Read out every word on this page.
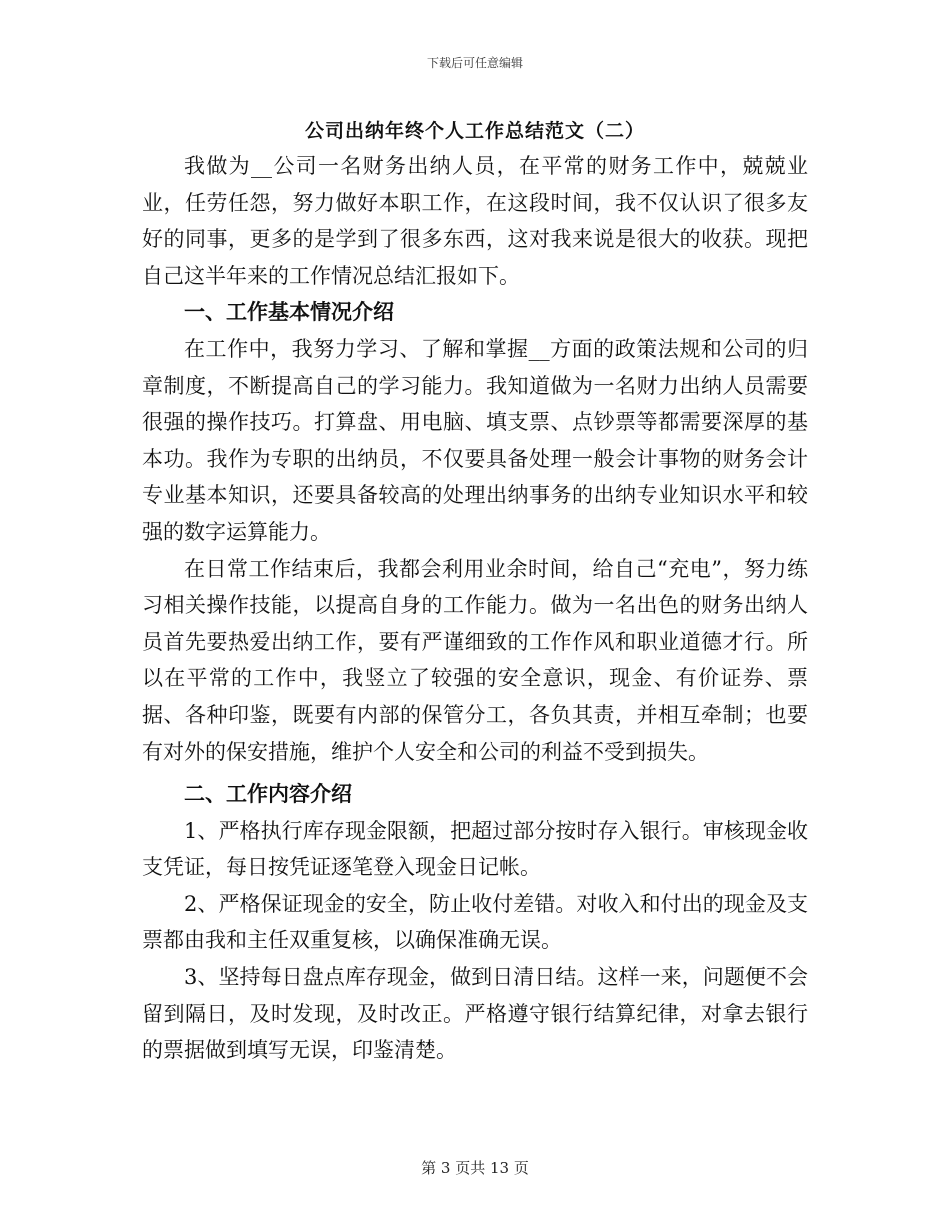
下载后可任意编辑
公司出纳年终个人工作总结范文（二）

我做为__公司一名财务出纳人员，在平常的财务工作中，兢兢业业，任劳任怨，努力做好本职工作，在这段时间，我不仅认识了很多友好的同事，更多的是学到了很多东西，这对我来说是很大的收获。现把自己这半年来的工作情况总结汇报如下。

一、工作基本情况介绍

在工作中，我努力学习、了解和掌握__方面的政策法规和公司的归章制度，不断提高自己的学习能力。我知道做为一名财力出纳人员需要很强的操作技巧。打算盘、用电脑、填支票、点钞票等都需要深厚的基本功。我作为专职的出纳员，不仅要具备处理一般会计事物的财务会计专业基本知识，还要具备较高的处理出纳事务的出纳专业知识水平和较强的数字运算能力。

在日常工作结束后，我都会利用业余时间，给自己“充电”，努力练习相关操作技能，以提高自身的工作能力。做为一名出色的财务出纳人员首先要热爱出纳工作，要有严谨细致的工作作风和职业道德才行。所以在平常的工作中，我竖立了较强的安全意识，现金、有价证券、票据、各种印鉴，既要有内部的保管分工，各负其责，并相互牵制；也要有对外的保安措施，维护个人安全和公司的利益不受到损失。

二、工作内容介绍

1、严格执行库存现金限额，把超过部分按时存入银行。审核现金收支凭证，每日按凭证逐笔登入现金日记帐。

2、严格保证现金的安全，防止收付差错。对收入和付出的现金及支票都由我和主任双重复核，以确保准确无误。

3、坚持每日盘点库存现金，做到日清日结。这样一来，问题便不会留到隔日，及时发现，及时改正。严格遵守银行结算纪律，对拿去银行的票据做到填写无误，印鉴清楚。

第 3 页共 13 页
